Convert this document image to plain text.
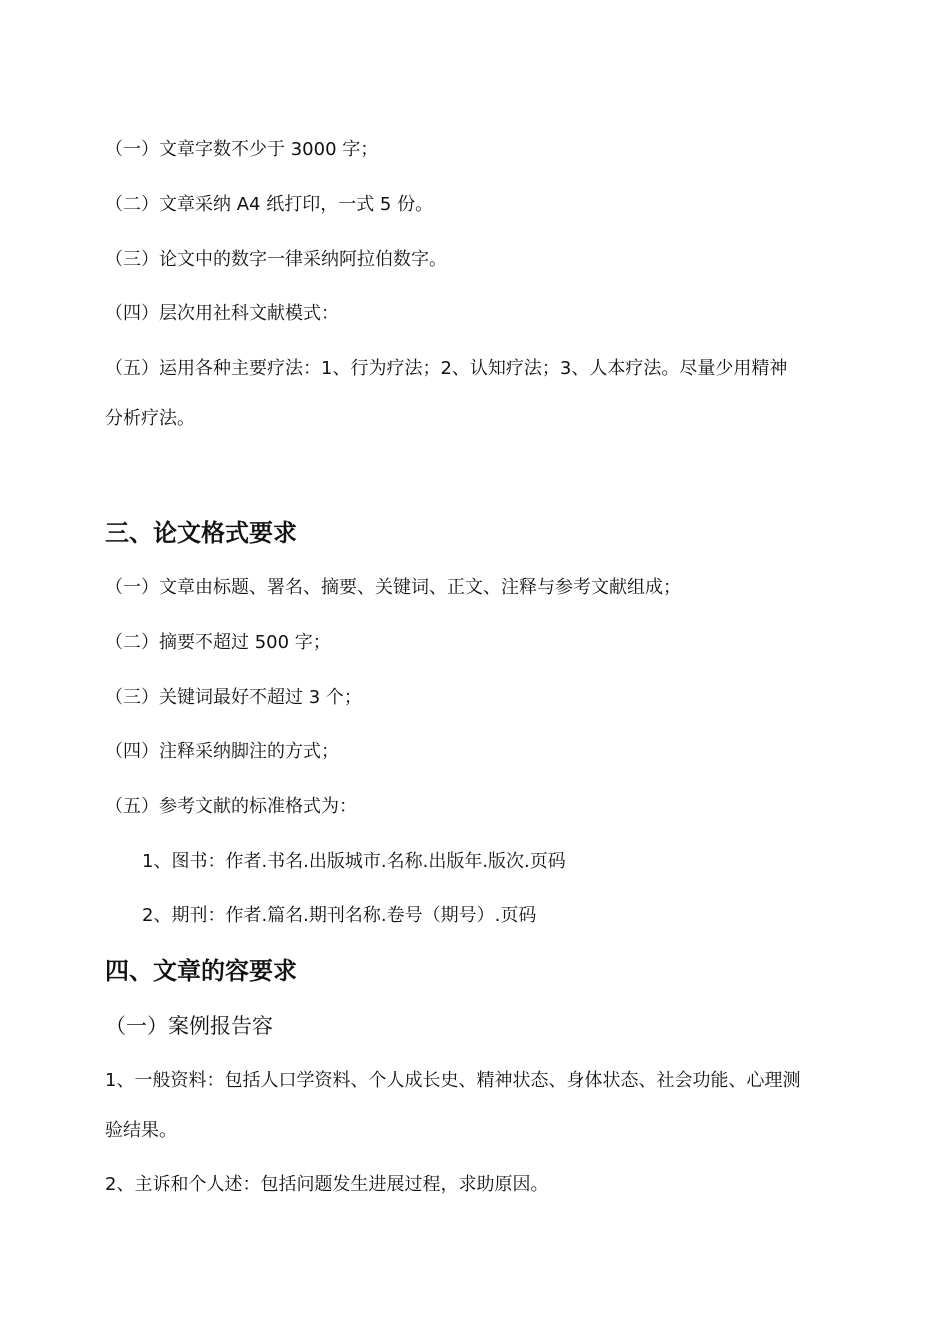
（一）文章字数不少于 3000 字；
（二）文章采纳 A4 纸打印，一式 5 份。
（三）论文中的数字一律采纳阿拉伯数字。
（四）层次用社科文献模式：
（五）运用各种主要疗法：1、行为疗法；2、认知疗法；3、人本疗法。尽量少用精神
分析疗法。
三、论文格式要求
（一）文章由标题、署名、摘要、关键词、正文、注释与参考文献组成；
（二）摘要不超过 500 字；
（三）关键词最好不超过 3 个；
（四）注释采纳脚注的方式；
（五）参考文献的标准格式为：
1、图书：作者.书名.出版城市.名称.出版年.版次.页码
2、期刊：作者.篇名.期刊名称.卷号（期号）.页码
四、文章的容要求
（一）案例报告容
1、一般资料：包括人口学资料、个人成长史、精神状态、身体状态、社会功能、心理测
验结果。
2、主诉和个人述：包括问题发生进展过程，求助原因。
